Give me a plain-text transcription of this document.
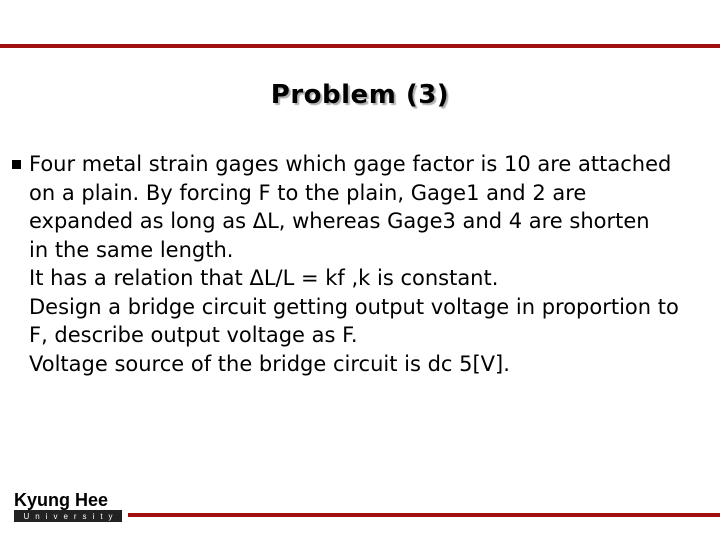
Problem (3)
Four metal strain gages which gage factor is 10 are attached
on a plain. By forcing F to the plain, Gage1 and 2 are
expanded as long as ΔL, whereas Gage3 and 4 are shorten
in the same length.
It has a relation that ΔL/L = kf ,k is constant.
Design a bridge circuit getting output voltage in proportion to
F, describe output voltage as F.
Voltage source of the bridge circuit is dc 5[V].
Kyung Hee
University
